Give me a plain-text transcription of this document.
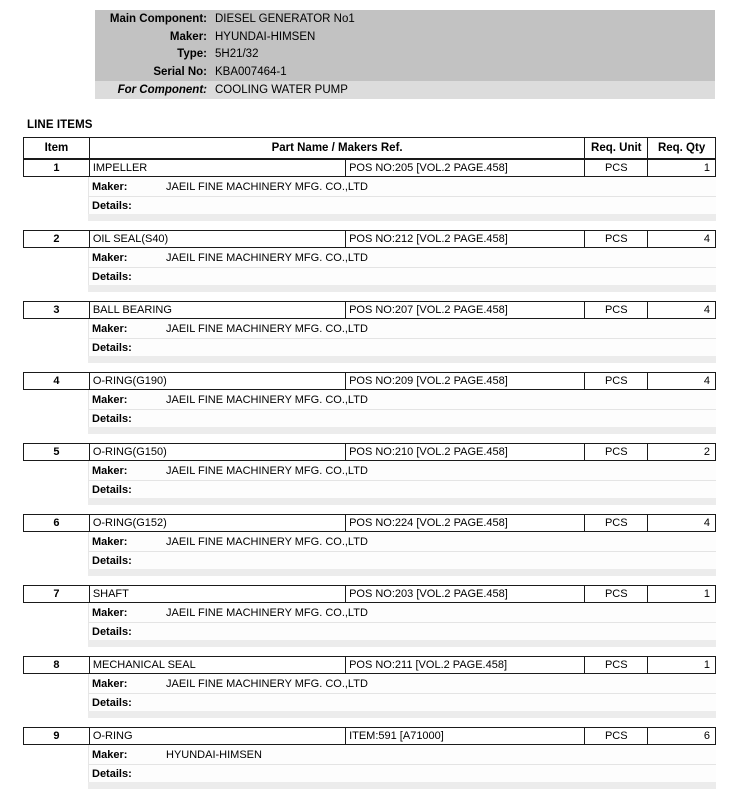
Main Component: DIESEL GENERATOR No1
Maker: HYUNDAI-HIMSEN
Type: 5H21/32
Serial No: KBA007464-1
For Component: COOLING WATER PUMP
LINE ITEMS
Item	Part Name / Makers Ref.	Req. Unit	Req. Qty
1	IMPELLER	POS NO:205 [VOL.2 PAGE.458]	PCS	1
Maker:	JAEIL FINE MACHINERY MFG. CO.,LTD
Details:
2	OIL SEAL(S40)	POS NO:212 [VOL.2 PAGE.458]	PCS	4
Maker:	JAEIL FINE MACHINERY MFG. CO.,LTD
Details:
3	BALL BEARING	POS NO:207 [VOL.2 PAGE.458]	PCS	4
Maker:	JAEIL FINE MACHINERY MFG. CO.,LTD
Details:
4	O-RING(G190)	POS NO:209 [VOL.2 PAGE.458]	PCS	4
Maker:	JAEIL FINE MACHINERY MFG. CO.,LTD
Details:
5	O-RING(G150)	POS NO:210 [VOL.2 PAGE.458]	PCS	2
Maker:	JAEIL FINE MACHINERY MFG. CO.,LTD
Details:
6	O-RING(G152)	POS NO:224 [VOL.2 PAGE.458]	PCS	4
Maker:	JAEIL FINE MACHINERY MFG. CO.,LTD
Details:
7	SHAFT	POS NO:203 [VOL.2 PAGE.458]	PCS	1
Maker:	JAEIL FINE MACHINERY MFG. CO.,LTD
Details:
8	MECHANICAL SEAL	POS NO:211 [VOL.2 PAGE.458]	PCS	1
Maker:	JAEIL FINE MACHINERY MFG. CO.,LTD
Details:
9	O-RING	ITEM:591 [A71000]	PCS	6
Maker:	HYUNDAI-HIMSEN
Details:
